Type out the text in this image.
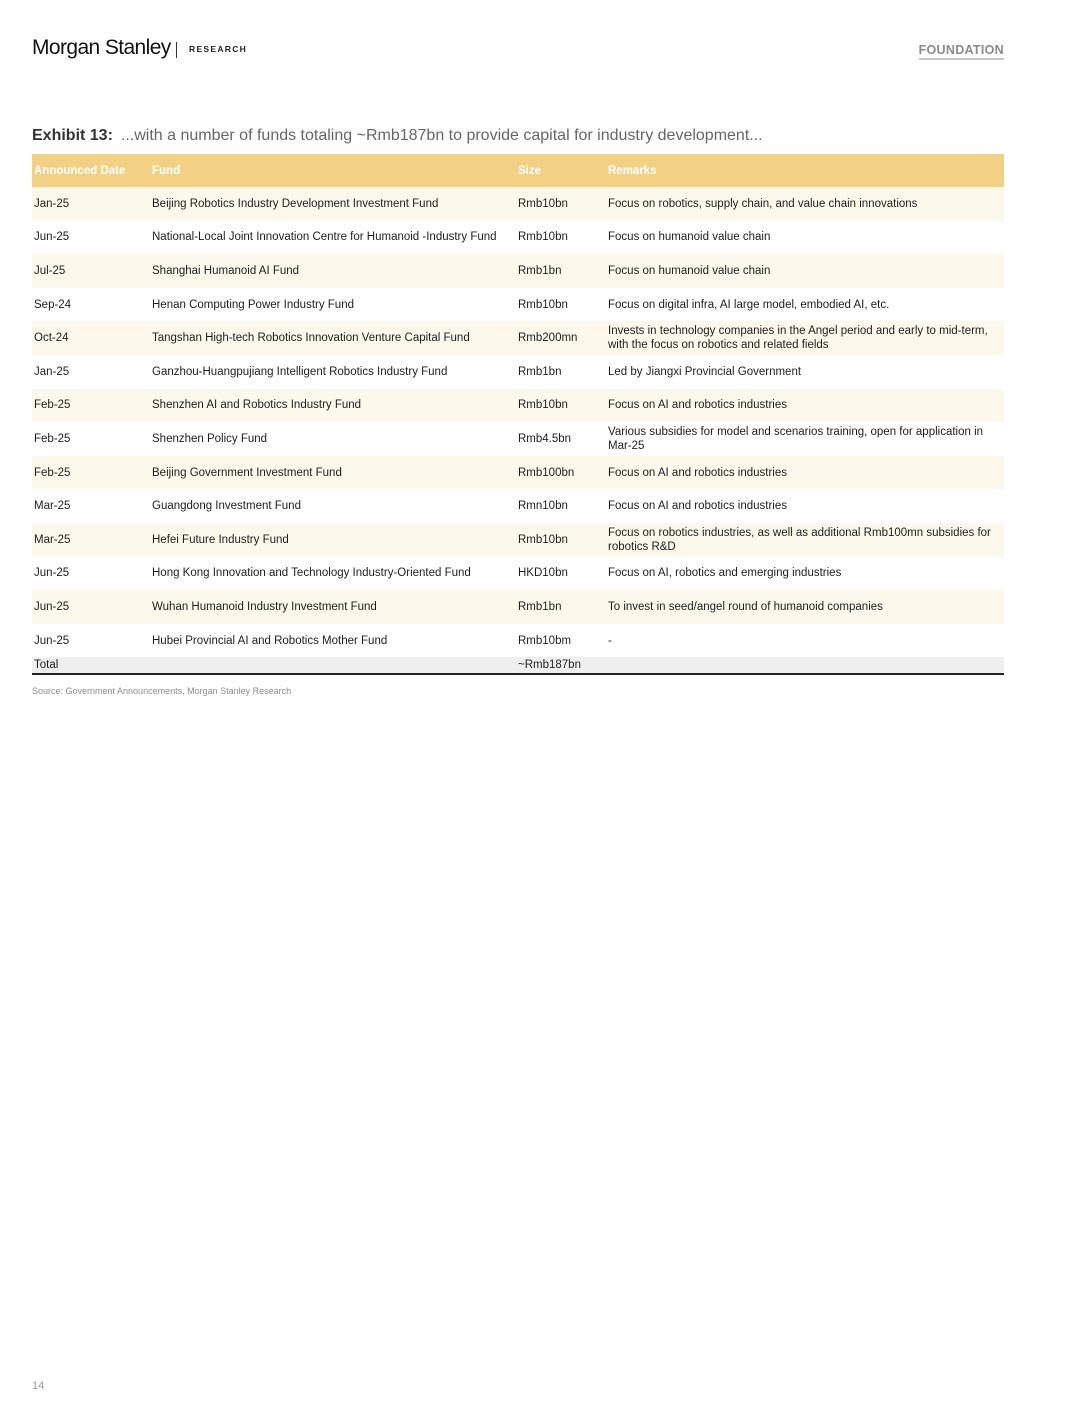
Morgan Stanley RESEARCH	FOUNDATION
Exhibit 13: ...with a number of funds totaling ~Rmb187bn to provide capital for industry development...
Announced Date	Fund	Size	Remarks
Jan-25	Beijing Robotics Industry Development Investment Fund	Rmb10bn	Focus on robotics, supply chain, and value chain innovations
Jun-25	National-Local Joint Innovation Centre for Humanoid -Industry Fund	Rmb10bn	Focus on humanoid value chain
Jul-25	Shanghai Humanoid AI Fund	Rmb1bn	Focus on humanoid value chain
Sep-24	Henan Computing Power Industry Fund	Rmb10bn	Focus on digital infra, AI large model, embodied AI, etc.
Oct-24	Tangshan High-tech Robotics Innovation Venture Capital Fund	Rmb200mn	Invests in technology companies in the Angel period and early to mid-term, with the focus on robotics and related fields
Jan-25	Ganzhou-Huangpujiang Intelligent Robotics Industry Fund	Rmb1bn	Led by Jiangxi Provincial Government
Feb-25	Shenzhen AI and Robotics Industry Fund	Rmb10bn	Focus on AI and robotics industries
Feb-25	Shenzhen Policy Fund	Rmb4.5bn	Various subsidies for model and scenarios training, open for application in Mar-25
Feb-25	Beijing Government Investment Fund	Rmb100bn	Focus on AI and robotics industries
Mar-25	Guangdong Investment Fund	Rmn10bn	Focus on AI and robotics industries
Mar-25	Hefei Future Industry Fund	Rmb10bn	Focus on robotics industries, as well as additional Rmb100mn subsidies for robotics R&D
Jun-25	Hong Kong Innovation and Technology Industry-Oriented Fund	HKD10bn	Focus on AI, robotics and emerging industries
Jun-25	Wuhan Humanoid Industry Investment Fund	Rmb1bn	To invest in seed/angel round of humanoid companies
Jun-25	Hubei Provincial AI and Robotics Mother Fund	Rmb10bm	-
Total		~Rmb187bn	
Source: Government Announcements, Morgan Stanley Research
14
